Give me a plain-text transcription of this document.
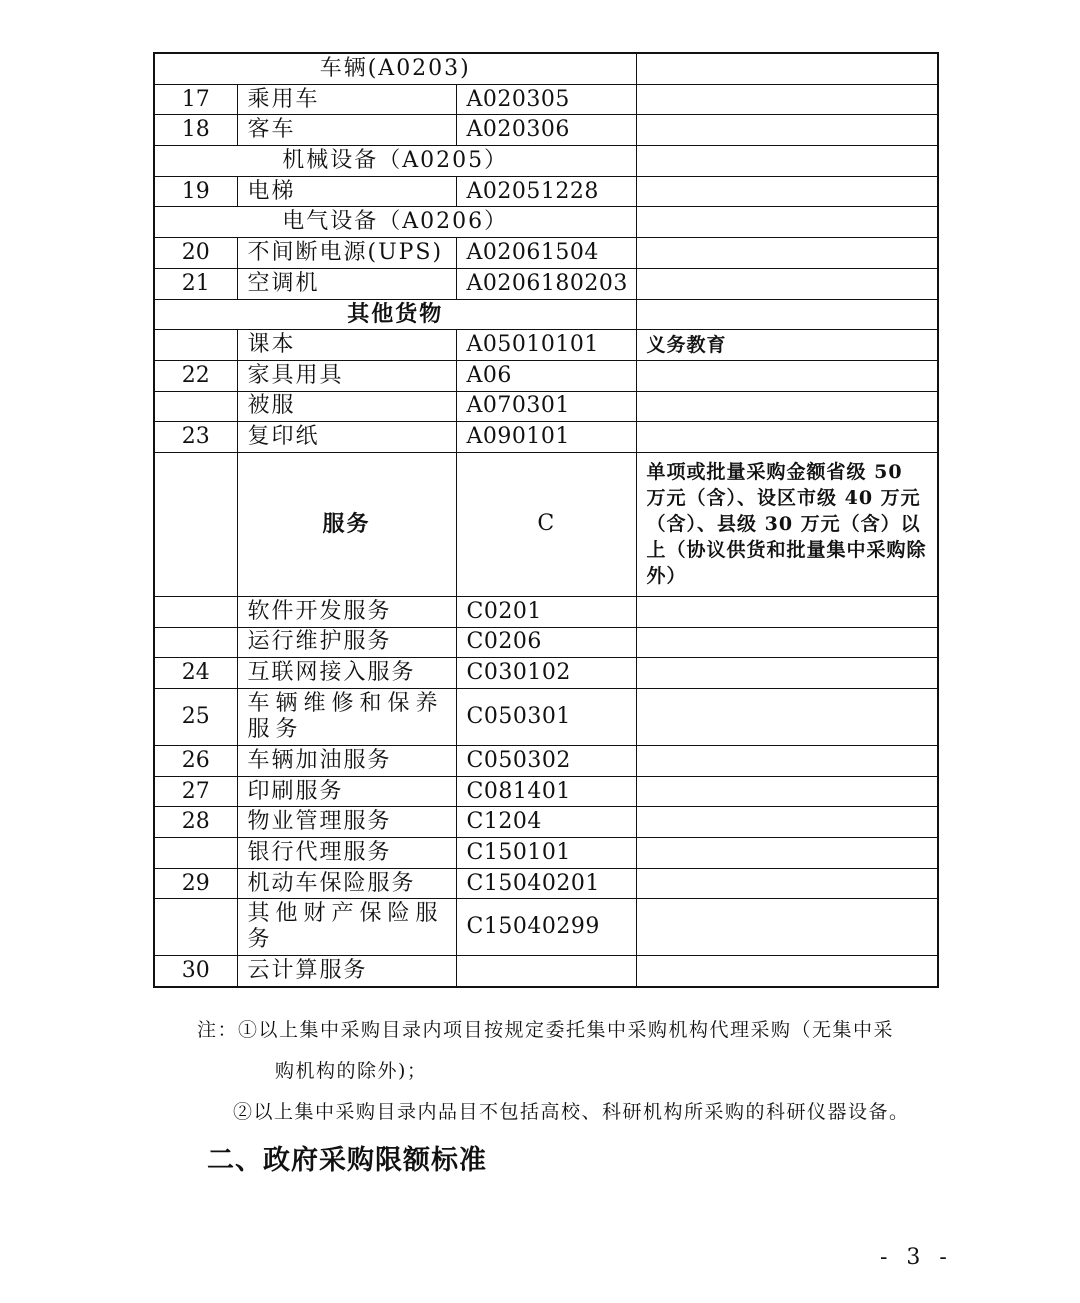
车辆(A0203)			
17	乘用车	A020305	
18	客车	A020306	
机械设备（A0205）			
19	电梯	A02051228	
电气设备（A0206）			
20	不间断电源(UPS)	A02061504	
21	空调机	A0206180203	
其他货物			
	课本	A05010101	义务教育
22	家具用具	A06	
	被服	A070301	
23	复印纸	A090101	
	服务	C	单项或批量采购金额省级 50 万元（含）、设区市级 40 万元（含）、县级 30 万元（含）以上（协议供货和批量集中采购除外）
	软件开发服务	C0201	
	运行维护服务	C0206	
24	互联网接入服务	C030102	
25	车辆维修和保养服务	C050301	
26	车辆加油服务	C050302	
27	印刷服务	C081401	
28	物业管理服务	C1204	
	银行代理服务	C150101	
29	机动车保险服务	C15040201	
	其他财产保险服务	C15040299	
30	云计算服务		
注：①以上集中采购目录内项目按规定委托集中采购机构代理采购（无集中采
购机构的除外)；
②以上集中采购目录内品目不包括高校、科研机构所采购的科研仪器设备。
二、政府采购限额标准
- 3 -
